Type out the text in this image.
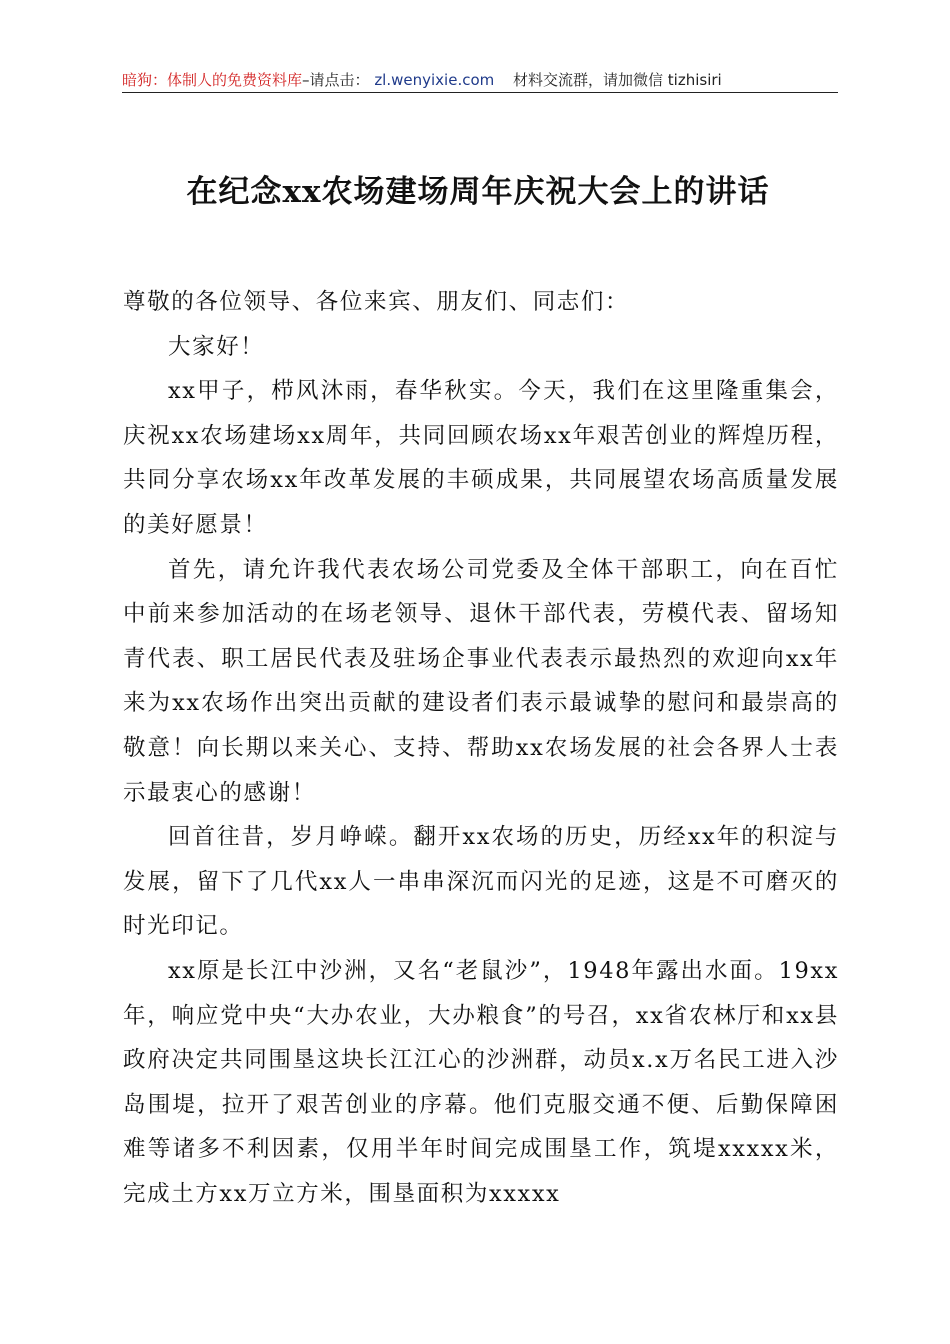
暗狗：体制人的免费资料库–请点击： zl.wenyixie.com 材料交流群，请加微信 tizhisiri
在纪念xx农场建场周年庆祝大会上的讲话

尊敬的各位领导、各位来宾、朋友们、同志们：

大家好！

xx甲子，栉风沐雨，春华秋实。今天，我们在这里隆重集会，庆祝xx农场建场xx周年，共同回顾农场xx年艰苦创业的辉煌历程，共同分享农场xx年改革发展的丰硕成果，共同展望农场高质量发展的美好愿景！

首先，请允许我代表农场公司党委及全体干部职工，向在百忙中前来参加活动的在场老领导、退休干部代表，劳模代表、留场知青代表、职工居民代表及驻场企事业代表表示最热烈的欢迎向xx年来为xx农场作出突出贡献的建设者们表示最诚挚的慰问和最崇高的敬意！向长期以来关心、支持、帮助xx农场发展的社会各界人士表示最衷心的感谢！

回首往昔，岁月峥嵘。翻开xx农场的历史，历经xx年的积淀与发展，留下了几代xx人一串串深沉而闪光的足迹，这是不可磨灭的时光印记。

xx原是长江中沙洲，又名“老鼠沙”，1948年露出水面。19xx年，响应党中央“大办农业，大办粮食”的号召，xx省农林厅和xx县政府决定共同围垦这块长江江心的沙洲群，动员x.x万名民工进入沙岛围堤，拉开了艰苦创业的序幕。他们克服交通不便、后勤保障困难等诸多不利因素，仅用半年时间完成围垦工作，筑堤xxxxx米，完成土方xx万立方米，围垦面积为xxxxx
